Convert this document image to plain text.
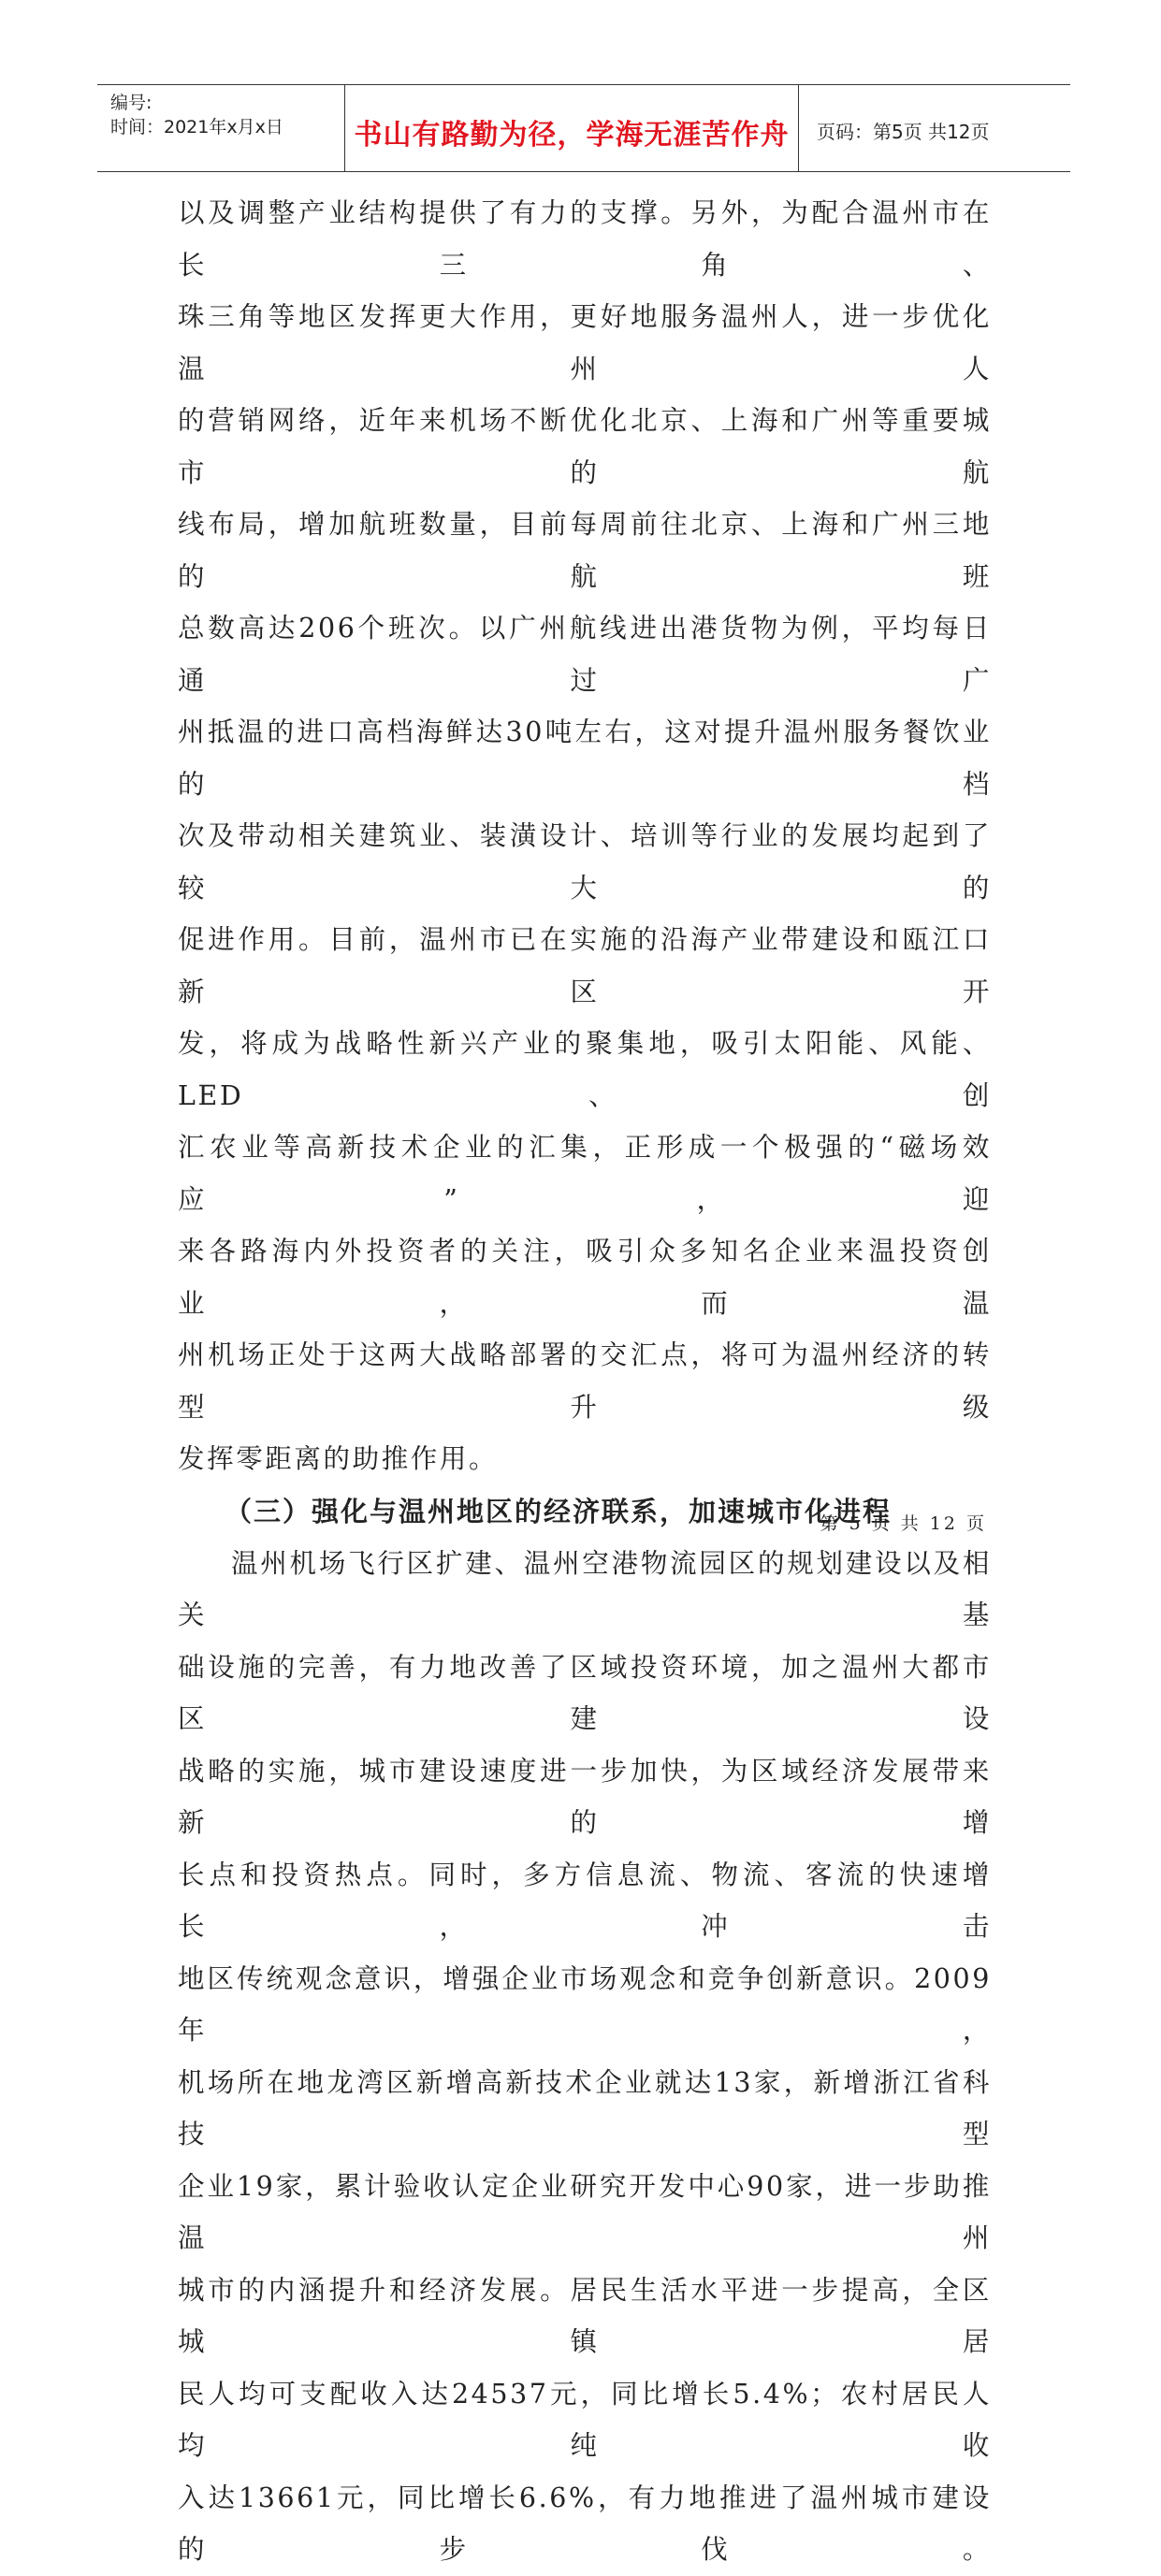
编号:
时间：2021年x月x日	书山有路勤为径，学海无涯苦作舟	页码：第5页 共12页

以及调整产业结构提供了有力的支撑。另外，为配合温州市在长三角、

珠三角等地区发挥更大作用，更好地服务温州人，进一步优化温州人

的营销网络，近年来机场不断优化北京、上海和广州等重要城市的航

线布局，增加航班数量，目前每周前往北京、上海和广州三地的航班

总数高达206个班次。以广州航线进出港货物为例，平均每日通过广

州抵温的进口高档海鲜达30吨左右，这对提升温州服务餐饮业的档

次及带动相关建筑业、装潢设计、培训等行业的发展均起到了较大的

促进作用。目前，温州市已在实施的沿海产业带建设和瓯江口新区开

发，将成为战略性新兴产业的聚集地，吸引太阳能、风能、LED、创

汇农业等高新技术企业的汇集，正形成一个极强的“磁场效应”，迎

来各路海内外投资者的关注，吸引众多知名企业来温投资创业，而温

州机场正处于这两大战略部署的交汇点，将可为温州经济的转型升级

发挥零距离的助推作用。

（三）强化与温州地区的经济联系，加速城市化进程

温州机场飞行区扩建、温州空港物流园区的规划建设以及相关基

础设施的完善，有力地改善了区域投资环境，加之温州大都市区建设

战略的实施，城市建设速度进一步加快，为区域经济发展带来新的增

长点和投资热点。同时，多方信息流、物流、客流的快速增长，冲击

地区传统观念意识，增强企业市场观念和竞争创新意识。2009年，

机场所在地龙湾区新增高新技术企业就达13家，新增浙江省科技型

企业19家，累计验收认定企业研究开发中心90家，进一步助推温州

城市的内涵提升和经济发展。居民生活水平进一步提高，全区城镇居

民人均可支配收入达24537元，同比增长5.4%；农村居民人均纯收

入达13661元，同比增长6.6%，有力地推进了温州城市建设的步伐。

第 5 页 共 12 页
